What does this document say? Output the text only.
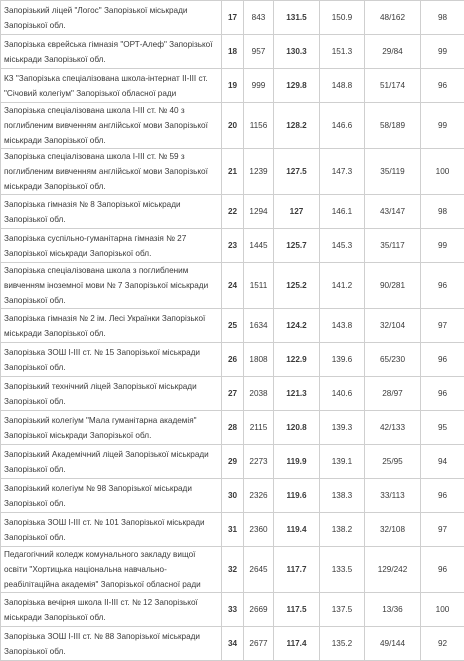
Запорізький ліцей "Логос" Запорізької міськради Запорізької обл.	17	843	131.5	150.9	48/162	98
Запорізька єврейська гімназія "ОРТ-Алеф" Запорізької міськради Запорізької обл.	18	957	130.3	151.3	29/84	99
КЗ "Запорізька спеціалізована школа-інтернат ІІ-ІІІ ст. "Січовий колегіум" Запорізької обласної ради	19	999	129.8	148.8	51/174	96
Запорізька спеціалізована школа І-ІІІ ст. № 40 з поглибленим вивченням англійської мови Запорізької міськради Запорізької обл.	20	1156	128.2	146.6	58/189	99
Запорізька спеціалізована школа І-ІІІ ст. № 59 з поглибленим вивченням англійської мови Запорізької міськради Запорізької обл.	21	1239	127.5	147.3	35/119	100
Запорізька гімназія № 8 Запорізької міськради Запорізької обл.	22	1294	127	146.1	43/147	98
Запорізька суспільно-гуманітарна гімназія № 27 Запорізької міськради Запорізької обл.	23	1445	125.7	145.3	35/117	99
Запорізька спеціалізована школа з поглибленим вивченням іноземної мови № 7 Запорізької міськради Запорізької обл.	24	1511	125.2	141.2	90/281	96
Запорізька гімназія № 2 ім. Лесі Українки Запорізької міськради Запорізької обл.	25	1634	124.2	143.8	32/104	97
Запорізька ЗОШ І-ІІІ ст. № 15 Запорізької міськради Запорізької обл.	26	1808	122.9	139.6	65/230	96
Запорізький технічний ліцей Запорізької міськради Запорізької обл.	27	2038	121.3	140.6	28/97	96
Запорізький колегіум "Мала гуманітарна академія" Запорізької міськради Запорізької обл.	28	2115	120.8	139.3	42/133	95
Запорізький Академічний ліцей Запорізької міськради Запорізької обл.	29	2273	119.9	139.1	25/95	94
Запорізький колегіум № 98 Запорізької міськради Запорізької обл.	30	2326	119.6	138.3	33/113	96
Запорізька ЗОШ І-ІІІ ст. № 101 Запорізької міськради Запорізької обл.	31	2360	119.4	138.2	32/108	97
Педагогічний коледж комунального закладу вищої освіти "Хортицька національна навчально-реабілітаційна академія" Запорізької обласної ради	32	2645	117.7	133.5	129/242	96
Запорізька вечірня школа ІІ-ІІІ ст. № 12 Запорізької міськради Запорізької обл.	33	2669	117.5	137.5	13/36	100
Запорізька ЗОШ І-ІІІ ст. № 88 Запорізької міськради Запорізької обл.	34	2677	117.4	135.2	49/144	92
